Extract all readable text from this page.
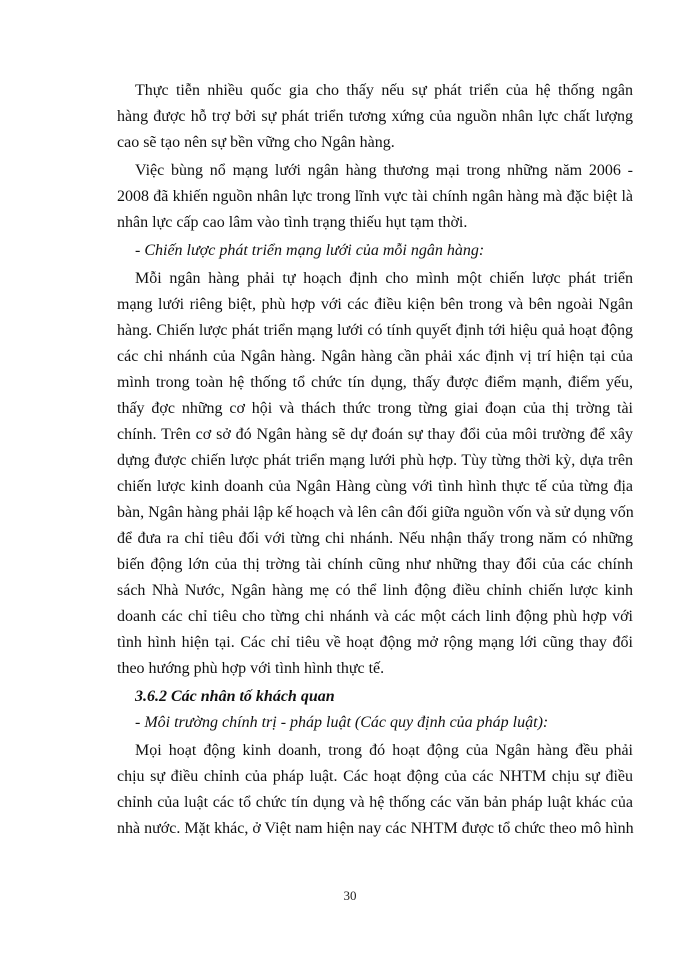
Thực tiễn nhiều quốc gia cho thấy nếu sự phát triển của hệ thống ngân
hàng được hỗ trợ bởi sự phát triển tương xứng của nguồn nhân lực chất lượng
cao sẽ tạo nên sự bền vững cho Ngân hàng.
Việc bùng nổ mạng lưới ngân hàng thương mại trong những năm 2006 -
2008 đã khiến nguồn nhân lực trong lĩnh vực tài chính ngân hàng mà đặc biệt là
nhân lực cấp cao lâm vào tình trạng thiếu hụt tạm thời.
- Chiến lược phát triển mạng lưới của mỗi ngân hàng:
Mỗi ngân hàng phải tự hoạch định cho mình một chiến lược phát triển
mạng lưới riêng biệt, phù hợp với các điều kiện bên trong và bên ngoài Ngân
hàng. Chiến lược phát triển mạng lưới có tính quyết định tới hiệu quả hoạt động
các chi nhánh của Ngân hàng. Ngân hàng cần phải xác định vị trí hiện tại của
mình trong toàn hệ thống tổ chức tín dụng, thấy được điểm mạnh, điểm yếu,
thấy đợc những cơ hội và thách thức trong từng giai đoạn của thị trờng tài
chính. Trên cơ sở đó Ngân hàng sẽ dự đoán sự thay đổi của môi trường để xây
dựng được chiến lược phát triển mạng lưới phù hợp. Tùy từng thời kỳ, dựa trên
chiến lược kinh doanh của Ngân Hàng cùng với tình hình thực tế của từng địa
bàn, Ngân hàng phải lập kế hoạch và lên cân đối giữa nguồn vốn và sử dụng vốn
để đưa ra chỉ tiêu đối với từng chi nhánh. Nếu nhận thấy trong năm có những
biến động lớn của thị trờng tài chính cũng như những thay đổi của các chính
sách Nhà Nước, Ngân hàng mẹ có thể linh động điều chỉnh chiến lược kinh
doanh các chỉ tiêu cho từng chi nhánh và các một cách linh động phù hợp với
tình hình hiện tại. Các chỉ tiêu về hoạt động mở rộng mạng lới cũng thay đổi
theo hướng phù hợp với tình hình thực tế.
3.6.2 Các nhân tố khách quan
- Môi trường chính trị - pháp luật (Các quy định của pháp luật):
Mọi hoạt động kinh doanh, trong đó hoạt động của Ngân hàng đều phải
chịu sự điều chỉnh của pháp luật. Các hoạt động của các NHTM chịu sự điều
chỉnh của luật các tổ chức tín dụng và hệ thống các văn bản pháp luật khác của
nhà nước. Mặt khác, ở Việt nam hiện nay các NHTM được tổ chức theo mô hình
30
